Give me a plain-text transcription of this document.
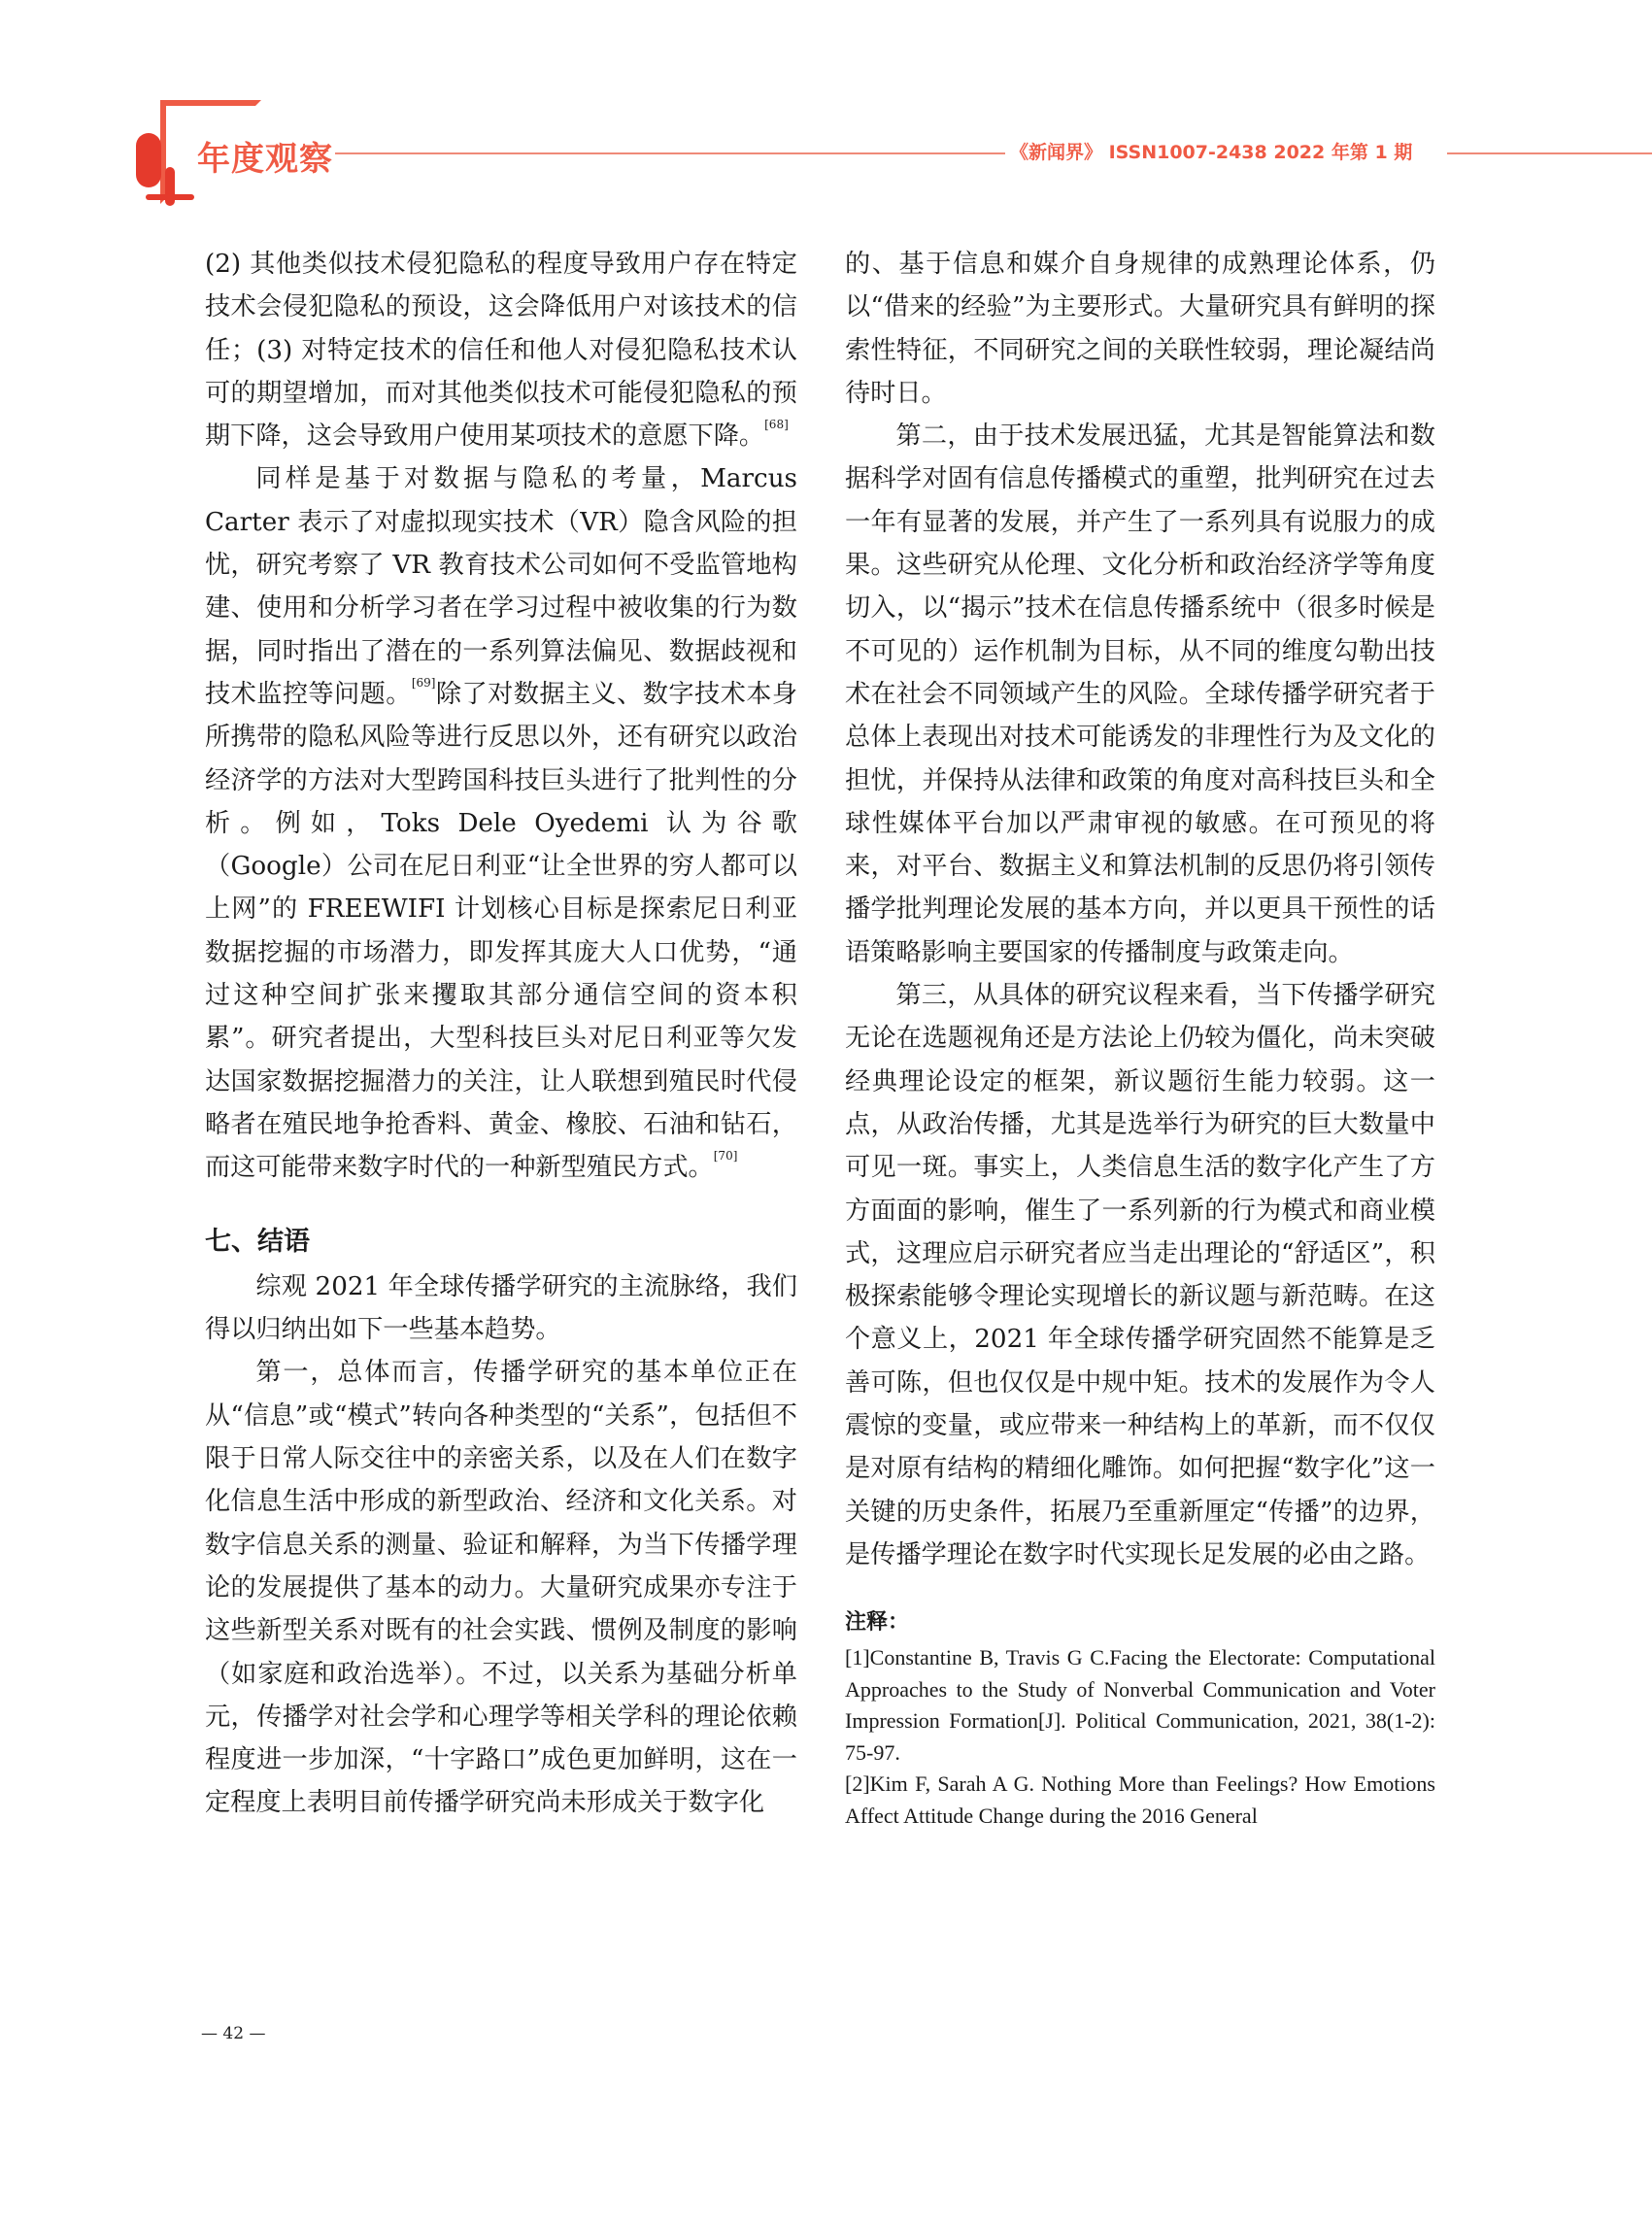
年度观察	《新闻界》 ISSN1007-2438 2022 年第 1 期

(2) 其他类似技术侵犯隐私的程度导致用户存在特定技术会侵犯隐私的预设，这会降低用户对该技术的信任；(3) 对特定技术的信任和他人对侵犯隐私技术认可的期望增加，而对其他类似技术可能侵犯隐私的预期下降，这会导致用户使用某项技术的意愿下降。[68]

同样是基于对数据与隐私的考量，Marcus Carter 表示了对虚拟现实技术（VR）隐含风险的担忧，研究考察了 VR 教育技术公司如何不受监管地构建、使用和分析学习者在学习过程中被收集的行为数据，同时指出了潜在的一系列算法偏见、数据歧视和技术监控等问题。[69]除了对数据主义、数字技术本身所携带的隐私风险等进行反思以外，还有研究以政治经济学的方法对大型跨国科技巨头进行了批判性的分析。例如，Toks Dele Oyedemi 认为谷歌（Google）公司在尼日利亚“让全世界的穷人都可以上网”的 FREEWIFI 计划核心目标是探索尼日利亚数据挖掘的市场潜力，即发挥其庞大人口优势，“通过这种空间扩张来攫取其部分通信空间的资本积累”。研究者提出，大型科技巨头对尼日利亚等欠发达国家数据挖掘潜力的关注，让人联想到殖民时代侵略者在殖民地争抢香料、黄金、橡胶、石油和钻石，而这可能带来数字时代的一种新型殖民方式。[70]

七、结语

综观 2021 年全球传播学研究的主流脉络，我们得以归纳出如下一些基本趋势。

第一，总体而言，传播学研究的基本单位正在从“信息”或“模式”转向各种类型的“关系”，包括但不限于日常人际交往中的亲密关系，以及在人们在数字化信息生活中形成的新型政治、经济和文化关系。对数字信息关系的测量、验证和解释，为当下传播学理论的发展提供了基本的动力。大量研究成果亦专注于这些新型关系对既有的社会实践、惯例及制度的影响（如家庭和政治选举）。不过，以关系为基础分析单元，传播学对社会学和心理学等相关学科的理论依赖程度进一步加深，“十字路口”成色更加鲜明，这在一定程度上表明目前传播学研究尚未形成关于数字化

的、基于信息和媒介自身规律的成熟理论体系，仍以“借来的经验”为主要形式。大量研究具有鲜明的探索性特征，不同研究之间的关联性较弱，理论凝结尚待时日。

第二，由于技术发展迅猛，尤其是智能算法和数据科学对固有信息传播模式的重塑，批判研究在过去一年有显著的发展，并产生了一系列具有说服力的成果。这些研究从伦理、文化分析和政治经济学等角度切入，以“揭示”技术在信息传播系统中（很多时候是不可见的）运作机制为目标，从不同的维度勾勒出技术在社会不同领域产生的风险。全球传播学研究者于总体上表现出对技术可能诱发的非理性行为及文化的担忧，并保持从法律和政策的角度对高科技巨头和全球性媒体平台加以严肃审视的敏感。在可预见的将来，对平台、数据主义和算法机制的反思仍将引领传播学批判理论发展的基本方向，并以更具干预性的话语策略影响主要国家的传播制度与政策走向。

第三，从具体的研究议程来看，当下传播学研究无论在选题视角还是方法论上仍较为僵化，尚未突破经典理论设定的框架，新议题衍生能力较弱。这一点，从政治传播，尤其是选举行为研究的巨大数量中可见一斑。事实上，人类信息生活的数字化产生了方方面面的影响，催生了一系列新的行为模式和商业模式，这理应启示研究者应当走出理论的“舒适区”，积极探索能够令理论实现增长的新议题与新范畴。在这个意义上，2021 年全球传播学研究固然不能算是乏善可陈，但也仅仅是中规中矩。技术的发展作为令人震惊的变量，或应带来一种结构上的革新，而不仅仅是对原有结构的精细化雕饰。如何把握“数字化”这一关键的历史条件，拓展乃至重新厘定“传播”的边界，是传播学理论在数字时代实现长足发展的必由之路。

注释：

[1]Constantine B, Travis G C.Facing the Electorate: Computational Approaches to the Study of Nonverbal Communication and Voter Impression Formation[J]. Political Communication, 2021, 38(1-2): 75-97.

[2]Kim F, Sarah A G. Nothing More than Feelings? How Emotions Affect Attitude Change during the 2016 General

— 42 —
